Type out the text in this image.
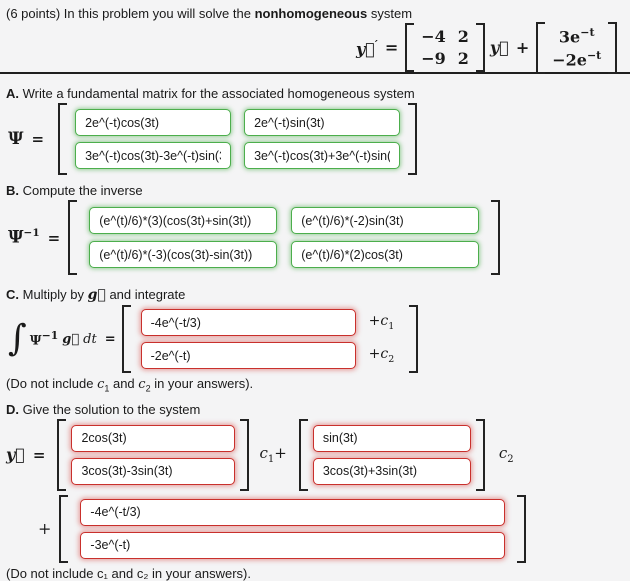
(6 points) In this problem you will solve the nonhomogeneous system
y⃗′ =
−4 2
−9 2
y⃗ +
$3e^{-t}$
$-2e^{-t}$
A. Write a fundamental matrix for the associated homogeneous system
Ψ =
2e^(-t)cos(3t)
2e^(-t)sin(3t)
3e^(-t)cos(3t)-3e^(-t)sin(3t)
3e^(-t)cos(3t)+3e^(-t)sin(3t)
B. Compute the inverse
$\Psi^{-1}$ =
(e^(t)/6)*(3)(cos(3t)+sin(3t))
(e^(t)/6)*(-2)sin(3t)
(e^(t)/6)*(-3)(cos(3t)-sin(3t))
(e^(t)/6)*(2)cos(3t)
C. Multiply by g⃗ and integrate
∫ $\Psi^{-1}$ g⃗ dt =
-4e^(-t/3)
$+c_1$
-2e^(-t)
$+c_2$
(Do not include $c_1$ and $c_2$ in your answers).
D. Give the solution to the system
y⃗ =
2cos(3t)
3cos(3t)-3sin(3t)	$c_1+$
sin(3t)
3cos(3t)+3sin(3t)	$c_2$
+
-4e^(-t/3)
-3e^(-t)
(Do not include c₁ and c₂ in your answers).
